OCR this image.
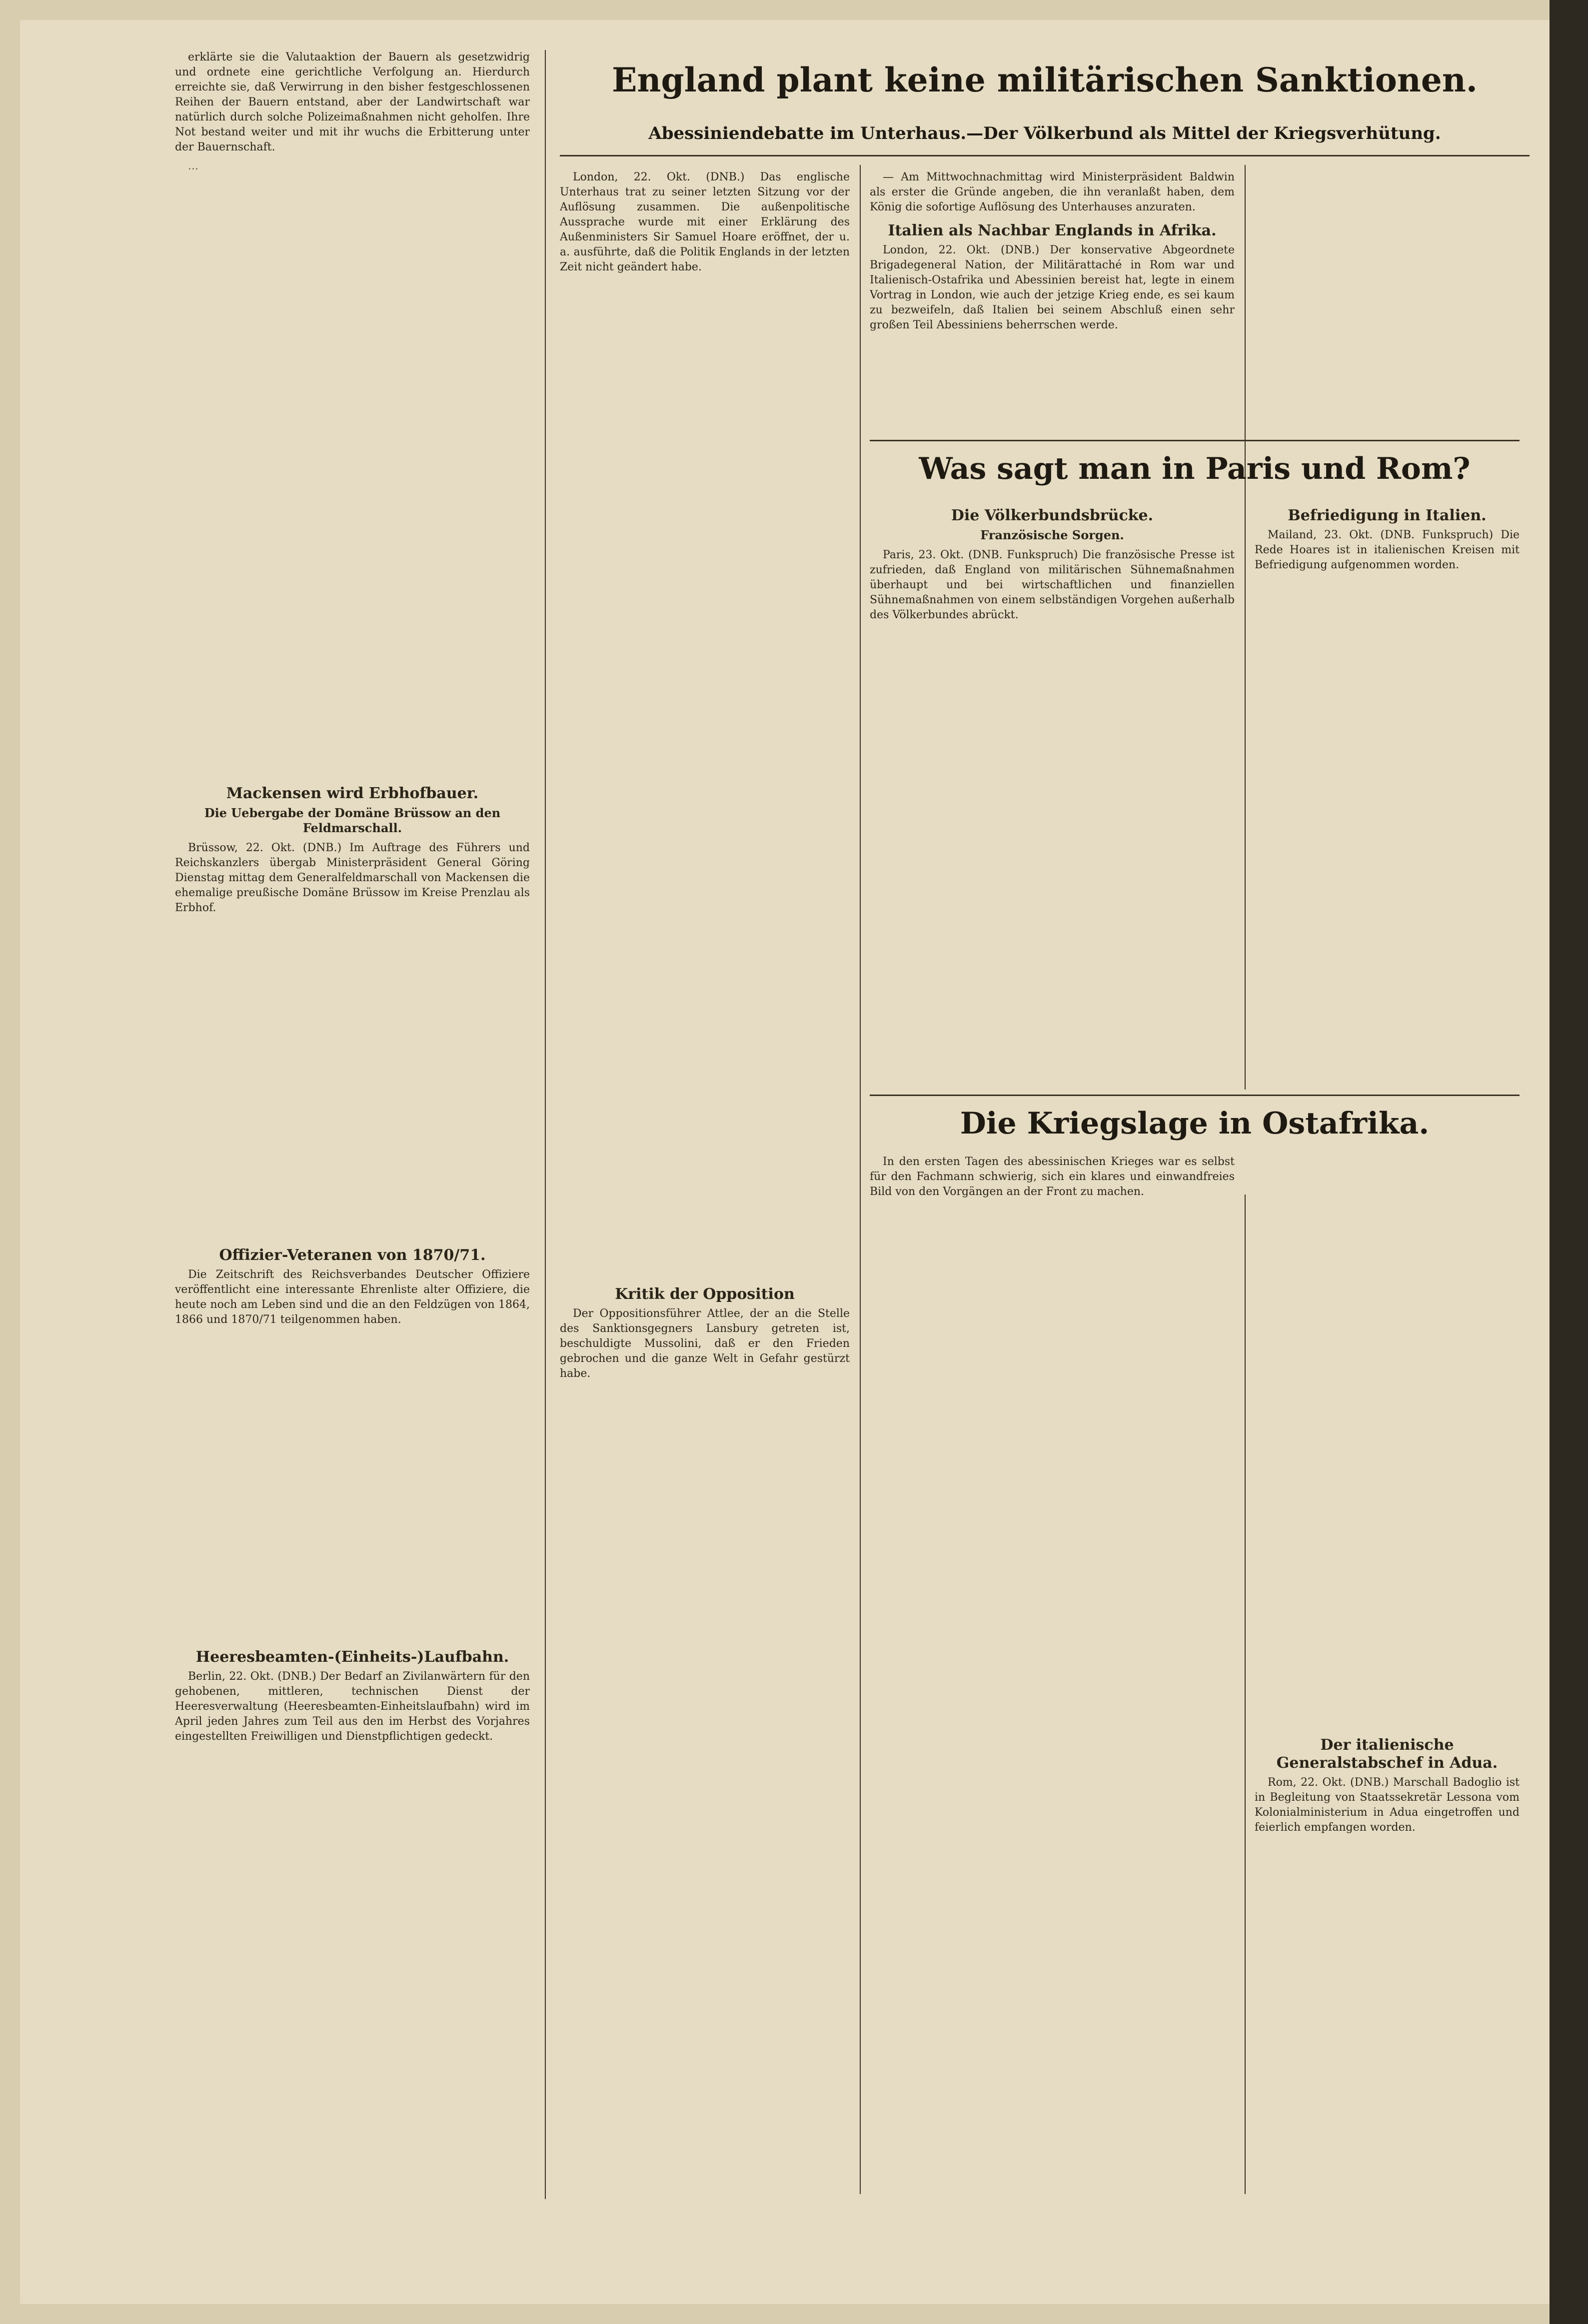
England plant keine militärischen Sanktionen.
Abessiniendebatte im Unterhaus.—Der Völkerbund als Mittel der Kriegsverhütung.

erklärte sie die Valutaaktion der Bauern als gesetzwidrig und ordnete eine gerichtliche Verfolgung an. Hierdurch erreichte sie, daß Verwirrung in den bisher festgeschlossenen Reihen der Bauern entstand, aber der Landwirtschaft war natürlich durch solche Polizeimaßnahmen nicht geholfen. Ihre Not bestand weiter und mit ihr wuchs die Erbitterung unter der Bauernschaft.

...

Mackensen wird Erbhofbauer.
Die Uebergabe der Domäne Brüssow an den Feldmarschall.

Brüssow, 22. Okt. (DNB.) Im Auftrage des Führers und Reichskanzlers übergab Ministerpräsident General Göring Dienstag mittag dem Generalfeldmarschall von Mackensen die ehemalige preußische Domäne Brüssow im Kreise Prenzlau als Erbhof.

Offizier-Veteranen von 1870/71.

Die Zeitschrift des Reichsverbandes Deutscher Offiziere veröffentlicht eine interessante Ehrenliste alter Offiziere, die heute noch am Leben sind und die an den Feldzügen von 1864, 1866 und 1870/71 teilgenommen haben.

Heeresbeamten-(Einheits-)Laufbahn.

Berlin, 22. Okt. (DNB.) Der Bedarf an Zivilanwärtern für den gehobenen, mittleren, technischen Dienst der Heeresverwaltung (Heeresbeamten-Einheitslaufbahn) wird im April jeden Jahres zum Teil aus den im Herbst des Vorjahres eingestellten Freiwilligen und Dienstpflichtigen gedeckt.

London, 22. Okt. (DNB.) Das englische Unterhaus trat zu seiner letzten Sitzung vor der Auflösung zusammen. Die außenpolitische Aussprache wurde mit einer Erklärung des Außenministers Sir Samuel Hoare eröffnet, der u. a. ausführte, daß die Politik Englands in der letzten Zeit nicht geändert habe.

Kritik der Opposition

Der Oppositionsführer Attlee, der an die Stelle des Sanktionsgegners Lansbury getreten ist, beschuldigte Mussolini, daß er den Frieden gebrochen und die ganze Welt in Gefahr gestürzt habe.

— Am Mittwochnachmittag wird Ministerpräsident Baldwin als erster die Gründe angeben, die ihn veranlaßt haben, dem König die sofortige Auflösung des Unterhauses anzuraten.

Italien als Nachbar Englands in Afrika.

London, 22. Okt. (DNB.) Der konservative Abgeordnete Brigadegeneral Nation, der Militärattaché in Rom war und Italienisch-Ostafrika und Abessinien bereist hat, legte in einem Vortrag in London, wie auch der jetzige Krieg ende, es sei kaum zu bezweifeln, daß Italien bei seinem Abschluß einen sehr großen Teil Abessiniens beherrschen werde.

Was sagt man in Paris und Rom?
Die Völkerbundsbrücke.
Französische Sorgen.

Paris, 23. Okt. (DNB. Funkspruch) Die französische Presse ist zufrieden, daß England von militärischen Sühnemaßnahmen überhaupt und bei wirtschaftlichen und finanziellen Sühnemaßnahmen von einem selbständigen Vorgehen außerhalb des Völkerbundes abrückt.

Befriedigung in Italien.

Mailand, 23. Okt. (DNB. Funkspruch) Die Rede Hoares ist in italienischen Kreisen mit Befriedigung aufgenommen worden.

Die Kriegslage in Ostafrika.

In den ersten Tagen des abessinischen Krieges war es selbst für den Fachmann schwierig, sich ein klares und einwandfreies Bild von den Vorgängen an der Front zu machen.

Der italienische Generalstabschef in Adua.

Rom, 22. Okt. (DNB.) Marschall Badoglio ist in Begleitung von Staatssekretär Lessona vom Kolonialministerium in Adua eingetroffen und feierlich empfangen worden.
